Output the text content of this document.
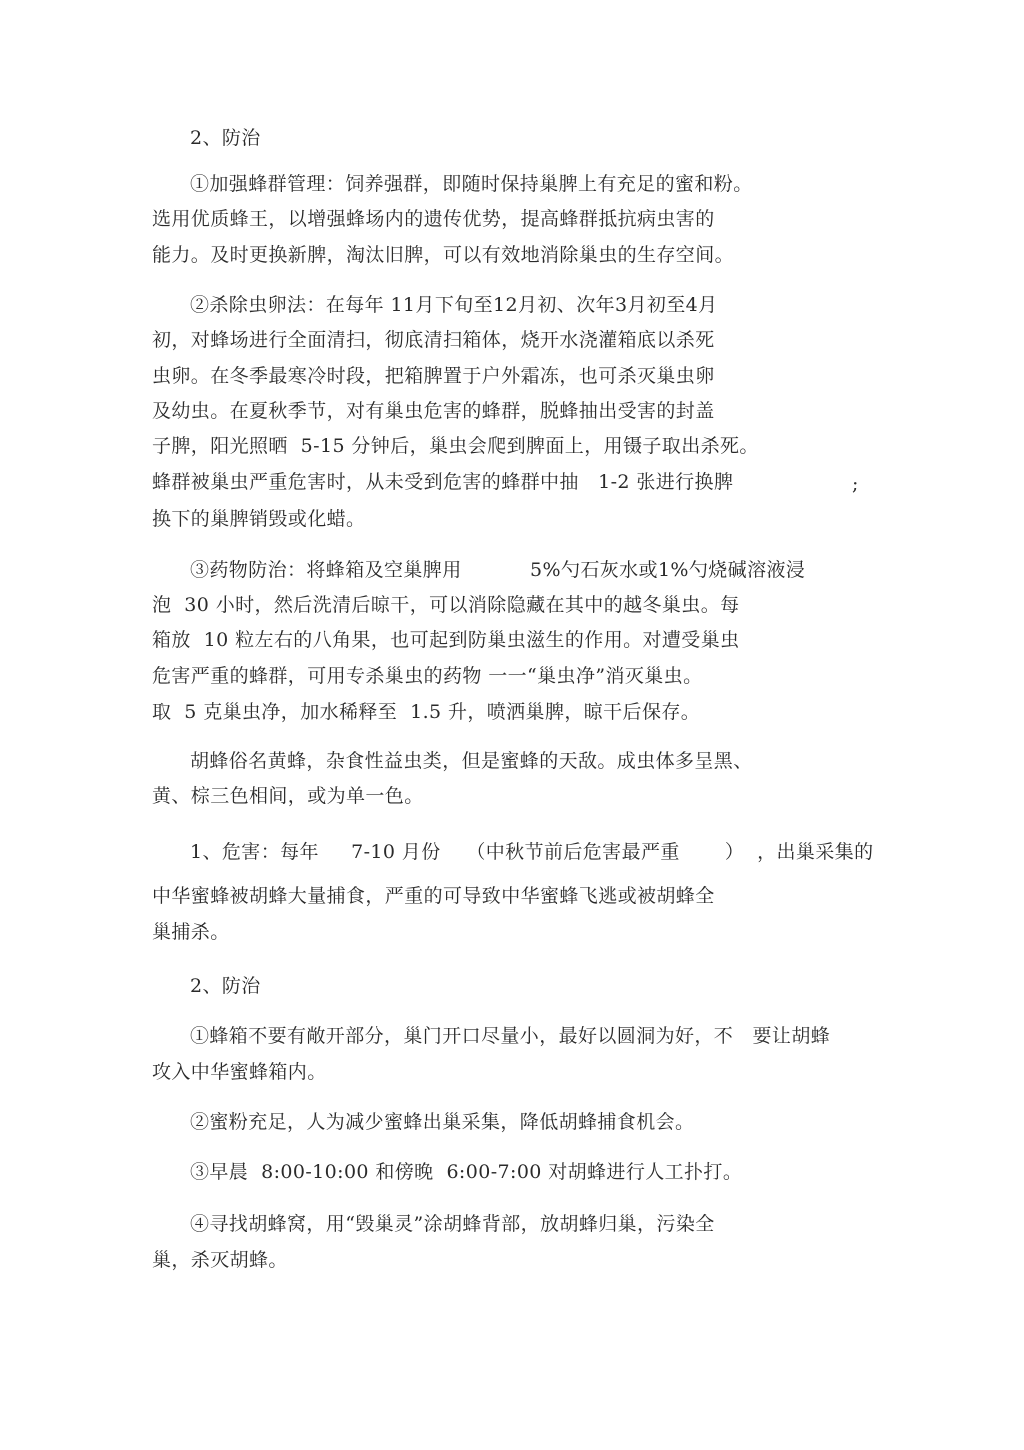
2、防治
①加强蜂群管理：饲养强群，即随时保持巢脾上有充足的蜜和粉。
选用优质蜂王，以增强蜂场内的遗传优势，提高蜂群抵抗病虫害的
能力。及时更换新脾，淘汰旧脾，可以有效地消除巢虫的生存空间。
②杀除虫卵法：在每年 11月下旬至12月初、次年3月初至4月
初，对蜂场进行全面清扫，彻底清扫箱体，烧开水浇灌箱底以杀死
虫卵。在冬季最寒冷时段，把箱脾置于户外霜冻，也可杀灭巢虫卵
及幼虫。在夏秋季节，对有巢虫危害的蜂群，脱蜂抽出受害的封盖
子脾，阳光照晒  5-15 分钟后，巢虫会爬到脾面上，用镊子取出杀死。
蜂群被巢虫严重危害时，从未受到危害的蜂群中抽   1-2 张进行换脾	;
换下的巢脾销毁或化蜡。
③药物防治：将蜂箱及空巢脾用	5%勺石灰水或1%勺烧碱溶液浸
泡  30 小时，然后洗清后晾干，可以消除隐藏在其中的越冬巢虫。每
箱放  10 粒左右的八角果，也可起到防巢虫滋生的作用。对遭受巢虫
危害严重的蜂群，可用专杀巢虫的药物 一一“巢虫净”消灭巢虫。
取  5 克巢虫净，加水稀释至  1.5 升，喷洒巢脾，晾干后保存。
胡蜂俗名黄蜂，杂食性益虫类，但是蜜蜂的天敌。成虫体多呈黑、
黄、棕三色相间，或为单一色。
1、危害：每年     7-10 月份    （中秋节前后危害最严重       ）  ，出巢采集的
中华蜜蜂被胡蜂大量捕食，严重的可导致中华蜜蜂飞逃或被胡蜂全
巢捕杀。
2、防治
①蜂箱不要有敞开部分，巢门开口尽量小，最好以圆洞为好，不   要让胡蜂
攻入中华蜜蜂箱内。
②蜜粉充足，人为减少蜜蜂出巢采集，降低胡蜂捕食机会。
③早晨  8:00-10:00 和傍晚  6:00-7:00 对胡蜂进行人工扑打。
④寻找胡蜂窝，用“毁巢灵”涂胡蜂背部，放胡蜂归巢，污染全
巢，杀灭胡蜂。
